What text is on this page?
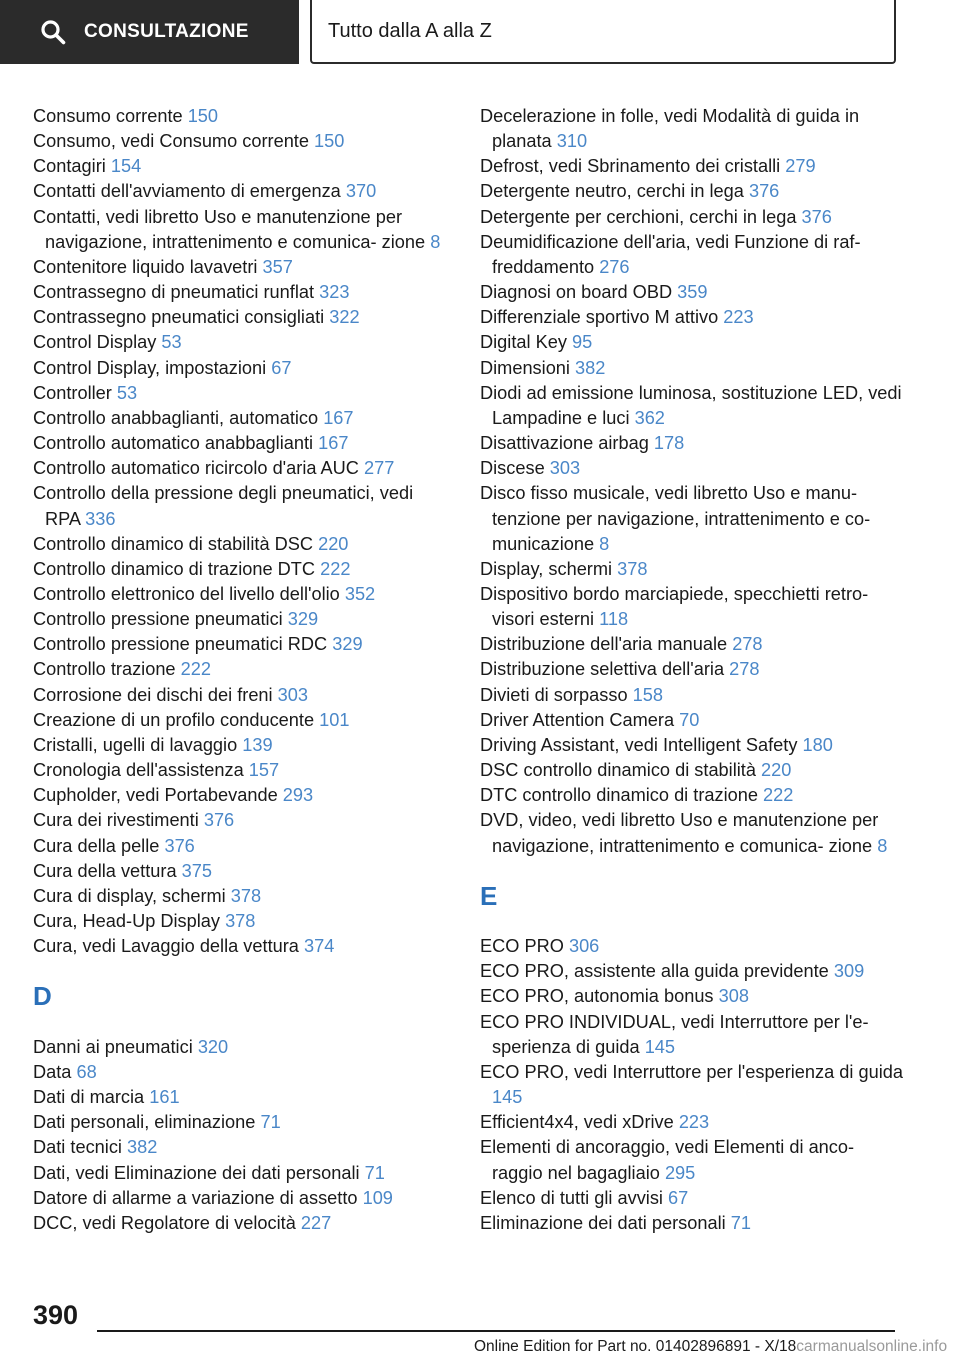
CONSULTAZIONE	Tutto dalla A alla Z
Consumo corrente 150
Consumo, vedi Consumo corrente 150
Contagiri 154
Contatti dell'avviamento di emergenza 370
Contatti, vedi libretto Uso e manutenzione per navigazione, intrattenimento e comunica‐ zione 8
Contenitore liquido lavavetri 357
Contrassegno di pneumatici runflat 323
Contrassegno pneumatici consigliati 322
Control Display 53
Control Display, impostazioni 67
Controller 53
Controllo anabbaglianti, automatico 167
Controllo automatico anabbaglianti 167
Controllo automatico ricircolo d'aria AUC 277
Controllo della pressione degli pneumatici, vedi RPA 336
Controllo dinamico di stabilità DSC 220
Controllo dinamico di trazione DTC 222
Controllo elettronico del livello dell'olio 352
Controllo pressione pneumatici 329
Controllo pressione pneumatici RDC 329
Controllo trazione 222
Corrosione dei dischi dei freni 303
Creazione di un profilo conducente 101
Cristalli, ugelli di lavaggio 139
Cronologia dell'assistenza 157
Cupholder, vedi Portabevande 293
Cura dei rivestimenti 376
Cura della pelle 376
Cura della vettura 375
Cura di display, schermi 378
Cura, Head-Up Display 378
Cura, vedi Lavaggio della vettura 374
D
Danni ai pneumatici 320
Data 68
Dati di marcia 161
Dati personali, eliminazione 71
Dati tecnici 382
Dati, vedi Eliminazione dei dati personali 71
Datore di allarme a variazione di assetto 109
DCC, vedi Regolatore di velocità 227
Decelerazione in folle, vedi Modalità di guida in planata 310
Defrost, vedi Sbrinamento dei cristalli 279
Detergente neutro, cerchi in lega 376
Detergente per cerchioni, cerchi in lega 376
Deumidificazione dell'aria, vedi Funzione di raf‐ freddamento 276
Diagnosi on board OBD 359
Differenziale sportivo M attivo 223
Digital Key 95
Dimensioni 382
Diodi ad emissione luminosa, sostituzione LED, vedi Lampadine e luci 362
Disattivazione airbag 178
Discese 303
Disco fisso musicale, vedi libretto Uso e manu‐ tenzione per navigazione, intrattenimento e co‐ municazione 8
Display, schermi 378
Dispositivo bordo marciapiede, specchietti retro‐ visori esterni 118
Distribuzione dell'aria manuale 278
Distribuzione selettiva dell'aria 278
Divieti di sorpasso 158
Driver Attention Camera 70
Driving Assistant, vedi Intelligent Safety 180
DSC controllo dinamico di stabilità 220
DTC controllo dinamico di trazione 222
DVD, video, vedi libretto Uso e manutenzione per navigazione, intrattenimento e comunica‐ zione 8
E
ECO PRO 306
ECO PRO, assistente alla guida previdente 309
ECO PRO, autonomia bonus 308
ECO PRO INDIVIDUAL, vedi Interruttore per l'e‐ sperienza di guida 145
ECO PRO, vedi Interruttore per l'esperienza di guida 145
Efficient4x4, vedi xDrive 223
Elementi di ancoraggio, vedi Elementi di anco‐ raggio nel bagagliaio 295
Elenco di tutti gli avvisi 67
Eliminazione dei dati personali 71
390
Online Edition for Part no. 01402896891 - X/18carmanualsonline.info
